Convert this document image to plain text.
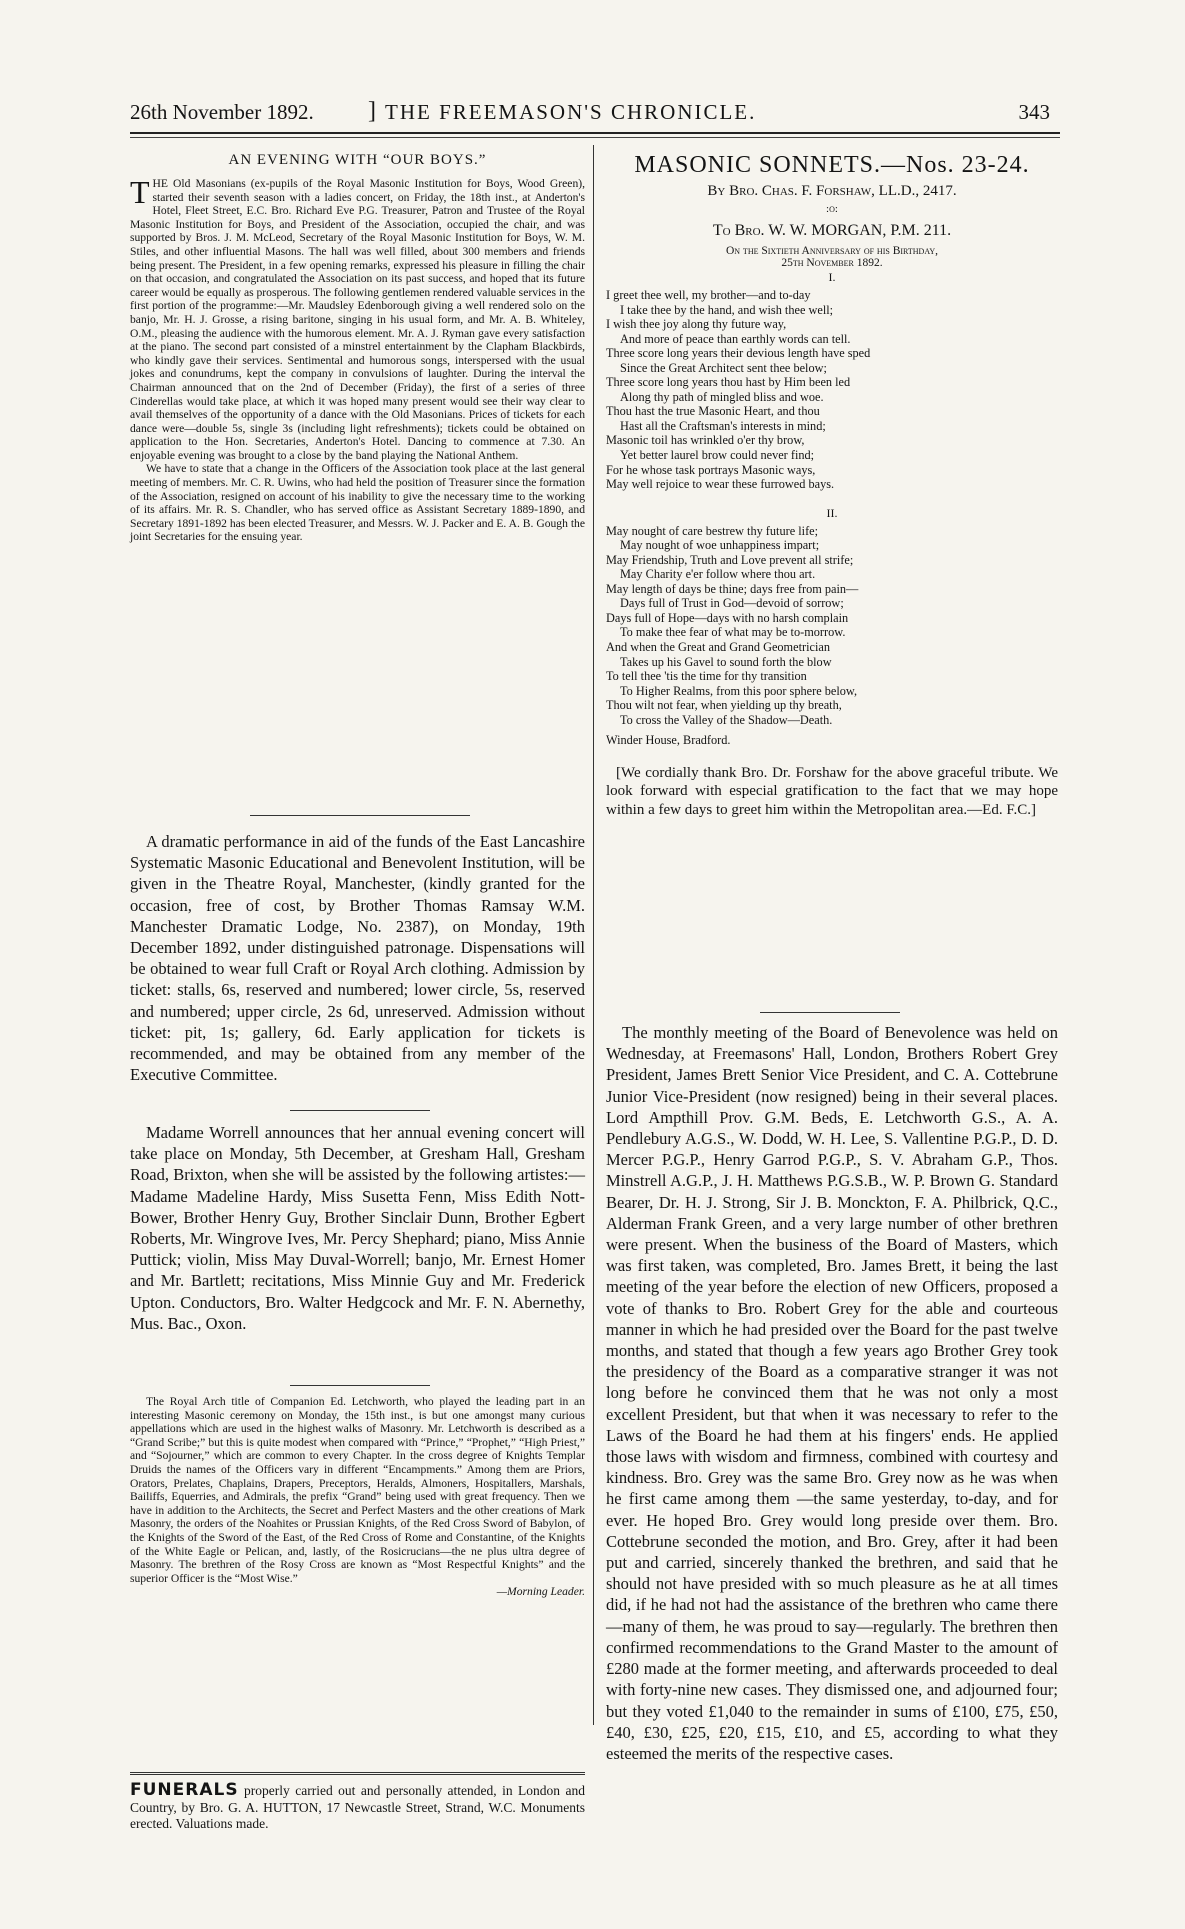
26th November 1892. ] THE FREEMASON'S CHRONICLE.	343
AN EVENING WITH “OUR BOYS.”

THE Old Masonians (ex-pupils of the Royal Masonic Institution for Boys, Wood Green), started their seventh season with a ladies concert, on Friday, the 18th inst., at Anderton's Hotel, Fleet Street, E.C. Bro. Richard Eve P.G. Treasurer, Patron and Trustee of the Royal Masonic Institution for Boys, and President of the Association, occupied the chair, and was supported by Bros. J. M. McLeod, Secretary of the Royal Masonic Institution for Boys, W. M. Stiles, and other influential Masons. The hall was well filled, about 300 members and friends being present. The President, in a few opening remarks, expressed his pleasure in filling the chair on that occasion, and congratulated the Association on its past success, and hoped that its future career would be equally as prosperous. The following gentlemen rendered valuable services in the first portion of the programme:—Mr. Maudsley Edenborough giving a well rendered solo on the banjo, Mr. H. J. Grosse, a rising baritone, singing in his usual form, and Mr. A. B. Whiteley, O.M., pleasing the audience with the humorous element. Mr. A. J. Ryman gave every satisfaction at the piano. The second part consisted of a minstrel entertainment by the Clapham Blackbirds, who kindly gave their services. Sentimental and humorous songs, interspersed with the usual jokes and conundrums, kept the company in convulsions of laughter. During the interval the Chairman announced that on the 2nd of December (Friday), the first of a series of three Cinderellas would take place, at which it was hoped many present would see their way clear to avail themselves of the opportunity of a dance with the Old Masonians. Prices of tickets for each dance were—double 5s, single 3s (including light refreshments); tickets could be obtained on application to the Hon. Secretaries, Anderton's Hotel. Dancing to commence at 7.30. An enjoyable evening was brought to a close by the band playing the National Anthem.

We have to state that a change in the Officers of the Association took place at the last general meeting of members. Mr. C. R. Uwins, who had held the position of Treasurer since the formation of the Association, resigned on account of his inability to give the necessary time to the working of its affairs. Mr. R. S. Chandler, who has served office as Assistant Secretary 1889-1890, and Secretary 1891-1892 has been elected Treasurer, and Messrs. W. J. Packer and E. A. B. Gough the joint Secretaries for the ensuing year.

A dramatic performance in aid of the funds of the East Lancashire Systematic Masonic Educational and Benevolent Institution, will be given in the Theatre Royal, Manchester, (kindly granted for the occasion, free of cost, by Brother Thomas Ramsay W.M. Manchester Dramatic Lodge, No. 2387), on Monday, 19th December 1892, under distinguished patronage. Dispensations will be obtained to wear full Craft or Royal Arch clothing. Admission by ticket: stalls, 6s, reserved and numbered; lower circle, 5s, reserved and numbered; upper circle, 2s 6d, unreserved. Admission without ticket: pit, 1s; gallery, 6d. Early application for tickets is recommended, and may be obtained from any member of the Executive Committee.

Madame Worrell announces that her annual evening concert will take place on Monday, 5th December, at Gresham Hall, Gresham Road, Brixton, when she will be assisted by the following artistes:—Madame Madeline Hardy, Miss Susetta Fenn, Miss Edith Nott-Bower, Brother Henry Guy, Brother Sinclair Dunn, Brother Egbert Roberts, Mr. Wingrove Ives, Mr. Percy Shephard; piano, Miss Annie Puttick; violin, Miss May Duval-Worrell; banjo, Mr. Ernest Homer and Mr. Bartlett; recitations, Miss Minnie Guy and Mr. Frederick Upton. Conductors, Bro. Walter Hedgcock and Mr. F. N. Abernethy, Mus. Bac., Oxon.

The Royal Arch title of Companion Ed. Letchworth, who played the leading part in an interesting Masonic ceremony on Monday, the 15th inst., is but one amongst many curious appellations which are used in the highest walks of Masonry. Mr. Letchworth is described as a “Grand Scribe;” but this is quite modest when compared with “Prince,” “Prophet,” “High Priest,” and “Sojourner,” which are common to every Chapter. In the cross degree of Knights Templar Druids the names of the Officers vary in different “Encampments.” Among them are Priors, Orators, Prelates, Chaplains, Drapers, Preceptors, Heralds, Almoners, Hospitallers, Marshals, Bailiffs, Equerries, and Admirals, the prefix “Grand” being used with great frequency. Then we have in addition to the Architects, the Secret and Perfect Masters and the other creations of Mark Masonry, the orders of the Noahites or Prussian Knights, of the Red Cross Sword of Babylon, of the Knights of the Sword of the East, of the Red Cross of Rome and Constantine, of the Knights of the White Eagle or Pelican, and, lastly, of the Rosicrucians—the ne plus ultra degree of Masonry. The brethren of the Rosy Cross are known as “Most Respectful Knights” and the superior Officer is the “Most Wise.”

—Morning Leader.

FUNERALS properly carried out and personally attended, in London and Country, by Bro. G. A. HUTTON, 17 Newcastle Street, Strand, W.C. Monuments erected. Valuations made.

MASONIC SONNETS.—Nos. 23-24.
By Bro. Chas. F. Forshaw, LL.D., 2417.
:o:
To Bro. W. W. MORGAN, P.M. 211.
On the Sixtieth Anniversary of his Birthday,
25th November 1892.
I.
I greet thee well, my brother—and to-day
I take thee by the hand, and wish thee well;
I wish thee joy along thy future way,
And more of peace than earthly words can tell.
Three score long years their devious length have sped
Since the Great Architect sent thee below;
Three score long years thou hast by Him been led
Along thy path of mingled bliss and woe.
Thou hast the true Masonic Heart, and thou
Hast all the Craftsman's interests in mind;
Masonic toil has wrinkled o'er thy brow,
Yet better laurel brow could never find;
For he whose task portrays Masonic ways,
May well rejoice to wear these furrowed bays.
II.
May nought of care bestrew thy future life;
May nought of woe unhappiness impart;
May Friendship, Truth and Love prevent all strife;
May Charity e'er follow where thou art.
May length of days be thine; days free from pain—
Days full of Trust in God—devoid of sorrow;
Days full of Hope—days with no harsh complain
To make thee fear of what may be to-morrow.
And when the Great and Grand Geometrician
Takes up his Gavel to sound forth the blow
To tell thee 'tis the time for thy transition
To Higher Realms, from this poor sphere below,
Thou wilt not fear, when yielding up thy breath,
To cross the Valley of the Shadow—Death.
Winder House, Bradford.

[We cordially thank Bro. Dr. Forshaw for the above graceful tribute. We look forward with especial gratification to the fact that we may hope within a few days to greet him within the Metropolitan area.—Ed. F.C.]

The monthly meeting of the Board of Benevolence was held on Wednesday, at Freemasons' Hall, London, Brothers Robert Grey President, James Brett Senior Vice President, and C. A. Cottebrune Junior Vice-President (now resigned) being in their several places. Lord Ampthill Prov. G.M. Beds, E. Letchworth G.S., A. A. Pendlebury A.G.S., W. Dodd, W. H. Lee, S. Vallentine P.G.P., D. D. Mercer P.G.P., Henry Garrod P.G.P., S. V. Abraham G.P., Thos. Minstrell A.G.P., J. H. Matthews P.G.S.B., W. P. Brown G. Standard Bearer, Dr. H. J. Strong, Sir J. B. Monckton, F. A. Philbrick, Q.C., Alderman Frank Green, and a very large number of other brethren were present. When the business of the Board of Masters, which was first taken, was completed, Bro. James Brett, it being the last meeting of the year before the election of new Officers, proposed a vote of thanks to Bro. Robert Grey for the able and courteous manner in which he had presided over the Board for the past twelve months, and stated that though a few years ago Brother Grey took the presidency of the Board as a comparative stranger it was not long before he convinced them that he was not only a most excellent President, but that when it was necessary to refer to the Laws of the Board he had them at his fingers' ends. He applied those laws with wisdom and firmness, combined with courtesy and kindness. Bro. Grey was the same Bro. Grey now as he was when he first came among them —the same yesterday, to-day, and for ever. He hoped Bro. Grey would long preside over them. Bro. Cottebrune seconded the motion, and Bro. Grey, after it had been put and carried, sincerely thanked the brethren, and said that he should not have presided with so much pleasure as he at all times did, if he had not had the assistance of the brethren who came there—many of them, he was proud to say—regularly. The brethren then confirmed recommendations to the Grand Master to the amount of £280 made at the former meeting, and afterwards proceeded to deal with forty-nine new cases. They dismissed one, and adjourned four; but they voted £1,040 to the remainder in sums of £100, £75, £50, £40, £30, £25, £20, £15, £10, and £5, according to what they esteemed the merits of the respective cases.
